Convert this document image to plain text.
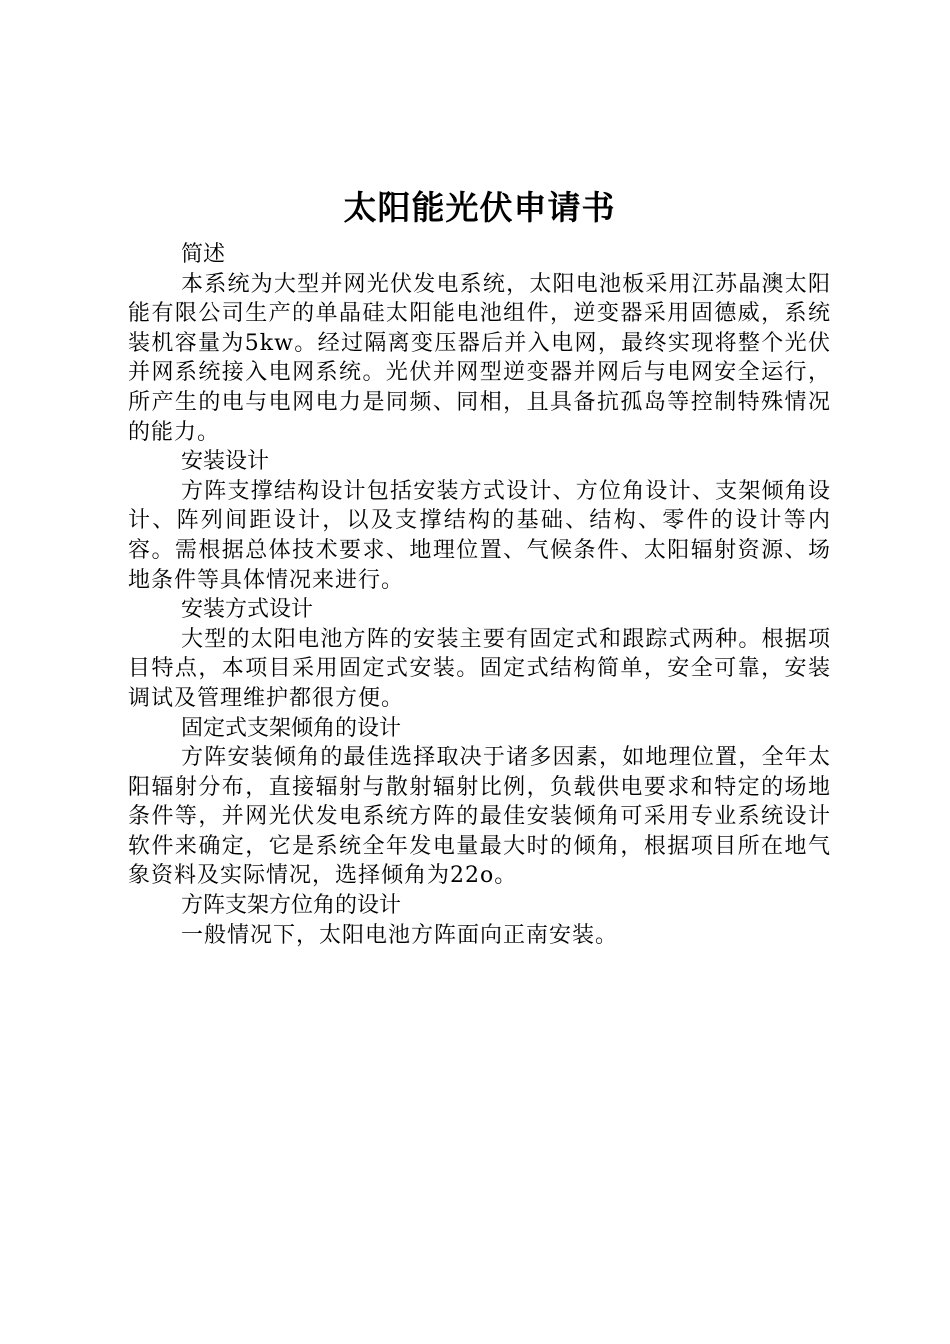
太阳能光伏申请书

简述

本系统为大型并网光伏发电系统，太阳电池板采用江苏晶澳太阳能有限公司生产的单晶硅太阳能电池组件，逆变器采用固德威，系统装机容量为5kw。经过隔离变压器后并入电网，最终实现将整个光伏并网系统接入电网系统。光伏并网型逆变器并网后与电网安全运行，所产生的电与电网电力是同频、同相，且具备抗孤岛等控制特殊情况的能力。

安装设计

方阵支撑结构设计包括安装方式设计、方位角设计、支架倾角设计、阵列间距设计，以及支撑结构的基础、结构、零件的设计等内容。需根据总体技术要求、地理位置、气候条件、太阳辐射资源、场地条件等具体情况来进行。

安装方式设计

大型的太阳电池方阵的安装主要有固定式和跟踪式两种。根据项目特点，本项目采用固定式安装。固定式结构简单，安全可靠，安装调试及管理维护都很方便。

固定式支架倾角的设计

方阵安装倾角的最佳选择取决于诸多因素，如地理位置，全年太阳辐射分布，直接辐射与散射辐射比例，负载供电要求和特定的场地条件等，并网光伏发电系统方阵的最佳安装倾角可采用专业系统设计软件来确定，它是系统全年发电量最大时的倾角，根据项目所在地气象资料及实际情况，选择倾角为22o。

方阵支架方位角的设计

一般情况下，太阳电池方阵面向正南安装。
